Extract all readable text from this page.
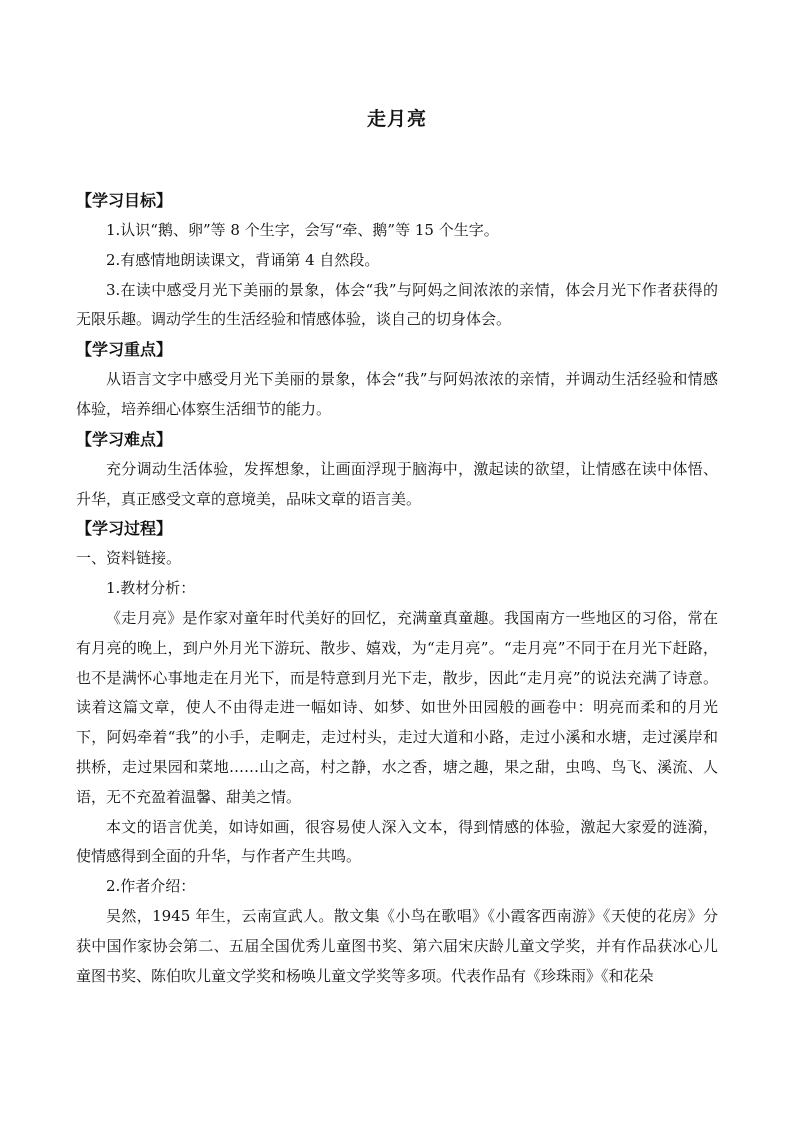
走月亮

【学习目标】

1.认识“鹅、卵”等 8 个生字，会写“牵、鹅”等 15 个生字。

2.有感情地朗读课文，背诵第 4 自然段。

3.在读中感受月光下美丽的景象，体会“我”与阿妈之间浓浓的亲情，体会月光下作者获得的无限乐趣。调动学生的生活经验和情感体验，谈自己的切身体会。

【学习重点】

从语言文字中感受月光下美丽的景象，体会“我”与阿妈浓浓的亲情，并调动生活经验和情感体验，培养细心体察生活细节的能力。

【学习难点】

充分调动生活体验，发挥想象，让画面浮现于脑海中，激起读的欲望，让情感在读中体悟、升华，真正感受文章的意境美，品味文章的语言美。

【学习过程】

一、资料链接。

1.教材分析：

《走月亮》是作家对童年时代美好的回忆，充满童真童趣。我国南方一些地区的习俗，常在有月亮的晚上，到户外月光下游玩、散步、嬉戏，为“走月亮”。“走月亮”不同于在月光下赶路，也不是满怀心事地走在月光下，而是特意到月光下走，散步，因此“走月亮”的说法充满了诗意。读着这篇文章，使人不由得走进一幅如诗、如梦、如世外田园般的画卷中：明亮而柔和的月光下，阿妈牵着“我”的小手，走啊走，走过村头，走过大道和小路，走过小溪和水塘，走过溪岸和拱桥，走过果园和菜地……山之高，村之静，水之香，塘之趣，果之甜，虫鸣、鸟飞、溪流、人语，无不充盈着温馨、甜美之情。

本文的语言优美，如诗如画，很容易使人深入文本，得到情感的体验，激起大家爱的涟漪，使情感得到全面的升华，与作者产生共鸣。

2.作者介绍：

吴然，1945 年生，云南宣武人。散文集《小鸟在歌唱》《小霞客西南游》《天使的花房》分获中国作家协会第二、五届全国优秀儿童图书奖、第六届宋庆龄儿童文学奖，并有作品获冰心儿童图书奖、陈伯吹儿童文学奖和杨唤儿童文学奖等多项。代表作品有《珍珠雨》《和花朵
